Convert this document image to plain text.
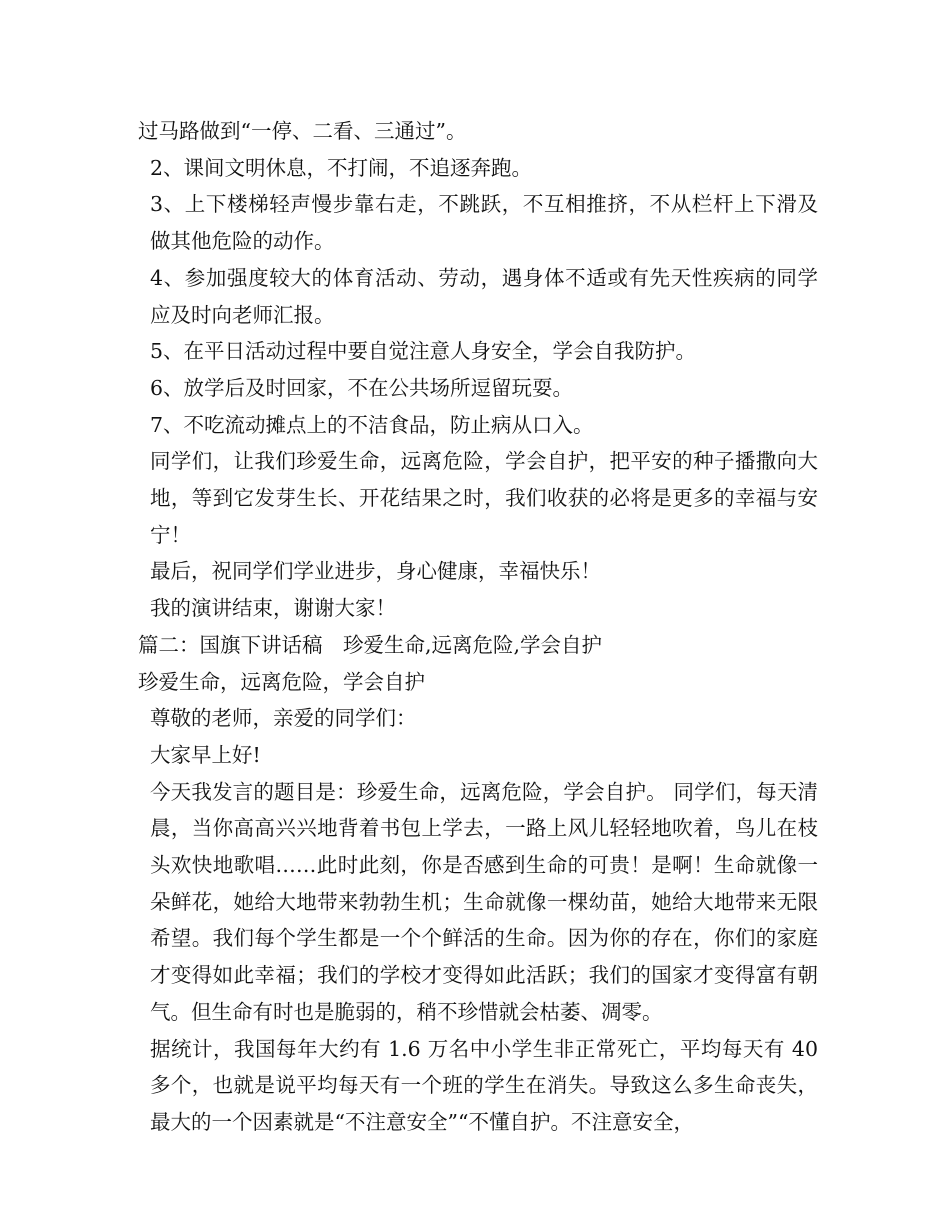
过马路做到“一停、二看、三通过”。

2、课间文明休息，不打闹，不追逐奔跑。

3、上下楼梯轻声慢步靠右走，不跳跃，不互相推挤，不从栏杆上下滑及做其他危险的动作。

4、参加强度较大的体育活动、劳动，遇身体不适或有先天性疾病的同学应及时向老师汇报。

5、在平日活动过程中要自觉注意人身安全，学会自我防护。

6、放学后及时回家，不在公共场所逗留玩耍。

7、不吃流动摊点上的不洁食品，防止病从口入。

同学们，让我们珍爱生命，远离危险，学会自护，把平安的种子播撒向大地，等到它发芽生长、开花结果之时，我们收获的必将是更多的幸福与安宁！

最后，祝同学们学业进步，身心健康，幸福快乐！

我的演讲结束，谢谢大家！

篇二：国旗下讲话稿　珍爱生命,远离危险,学会自护

珍爱生命，远离危险，学会自护

尊敬的老师，亲爱的同学们：

大家早上好!

今天我发言的题目是：珍爱生命，远离危险，学会自护。 同学们，每天清晨，当你高高兴兴地背着书包上学去，一路上风儿轻轻地吹着，鸟儿在枝头欢快地歌唱……此时此刻，你是否感到生命的可贵！是啊！生命就像一朵鲜花，她给大地带来勃勃生机；生命就像一棵幼苗，她给大地带来无限希望。我们每个学生都是一个个鲜活的生命。因为你的存在，你们的家庭才变得如此幸福；我们的学校才变得如此活跃；我们的国家才变得富有朝气。但生命有时也是脆弱的，稍不珍惜就会枯萎、凋零。

据统计，我国每年大约有 1.6 万名中小学生非正常死亡，平均每天有 40 多个，也就是说平均每天有一个班的学生在消失。导致这么多生命丧失，最大的一个因素就是“不注意安全”“不懂自护。不注意安全，
